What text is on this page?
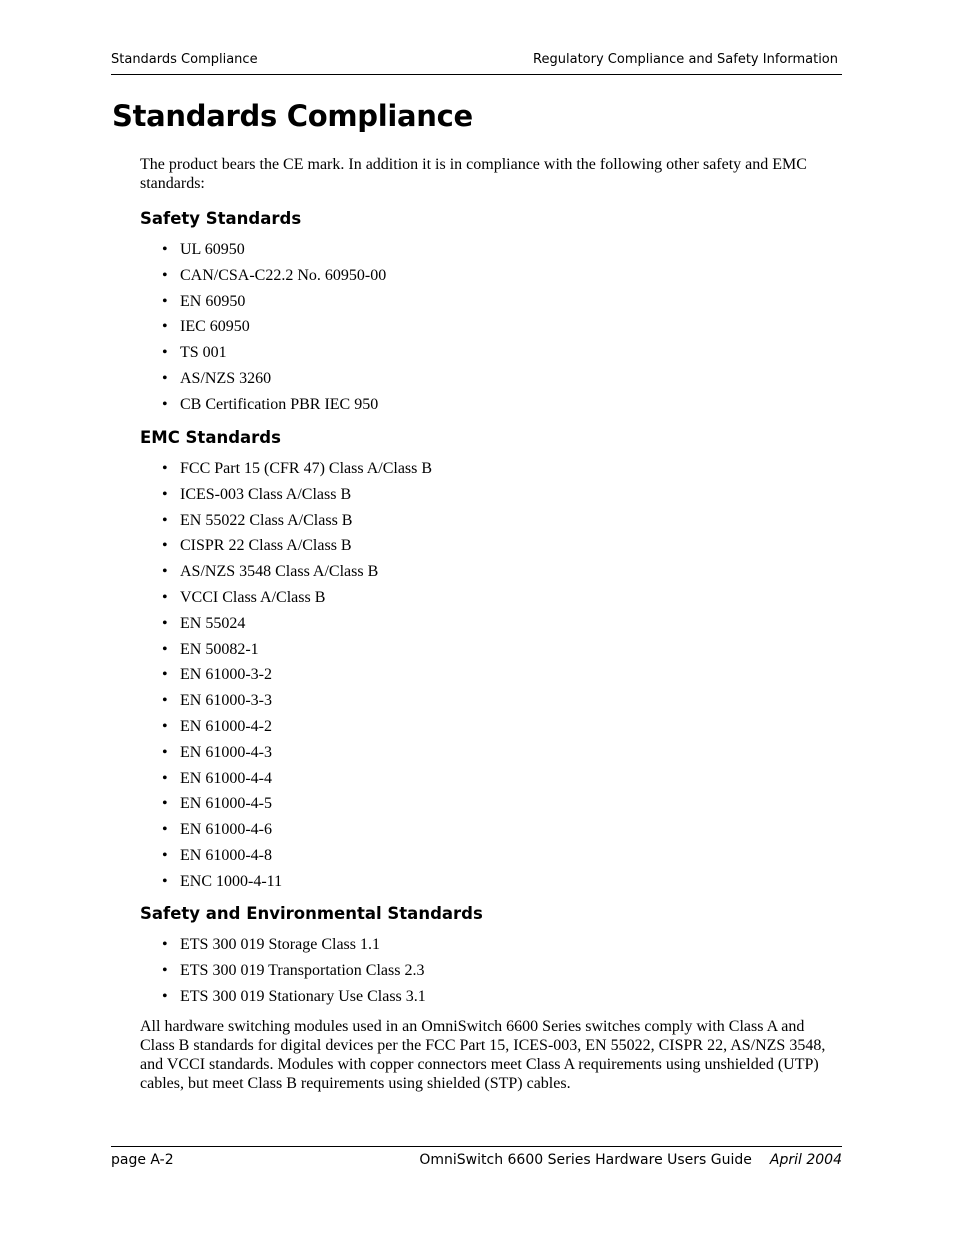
Standards Compliance	Regulatory Compliance and Safety Information
Standards Compliance

The product bears the CE mark. In addition it is in compliance with the following other safety and EMC standards:

Safety Standards
• UL 60950
• CAN/CSA-C22.2 No. 60950-00
• EN 60950
• IEC 60950
• TS 001
• AS/NZS 3260
• CB Certification PBR IEC 950
EMC Standards
• FCC Part 15 (CFR 47) Class A/Class B
• ICES-003 Class A/Class B
• EN 55022 Class A/Class B
• CISPR 22 Class A/Class B
• AS/NZS 3548 Class A/Class B
• VCCI Class A/Class B
• EN 55024
• EN 50082-1
• EN 61000-3-2
• EN 61000-3-3
• EN 61000-4-2
• EN 61000-4-3
• EN 61000-4-4
• EN 61000-4-5
• EN 61000-4-6
• EN 61000-4-8
• ENC 1000-4-11
Safety and Environmental Standards
• ETS 300 019 Storage Class 1.1
• ETS 300 019 Transportation Class 2.3
• ETS 300 019 Stationary Use Class 3.1

All hardware switching modules used in an OmniSwitch 6600 Series switches comply with Class A and Class B standards for digital devices per the FCC Part 15, ICES-003, EN 55022, CISPR 22, AS/NZS 3548, and VCCI standards. Modules with copper connectors meet Class A requirements using unshielded (UTP) cables, but meet Class B requirements using shielded (STP) cables.

page A-2	OmniSwitch 6600 Series Hardware Users Guide April 2004
